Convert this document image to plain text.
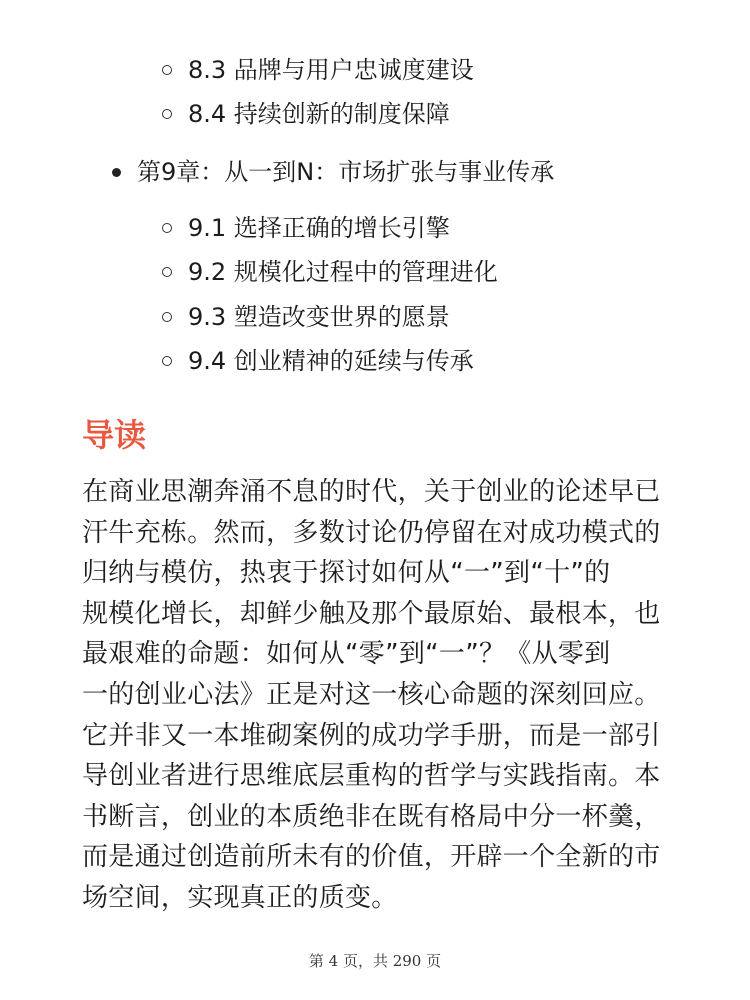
8.3 品牌与用户忠诚度建设
8.4 持续创新的制度保障
第9章：从一到N：市场扩张与事业传承
9.1 选择正确的增长引擎
9.2 规模化过程中的管理进化
9.3 塑造改变世界的愿景
9.4 创业精神的延续与传承
导读
在商业思潮奔涌不息的时代，关于创业的论述早已
汗牛充栋。然而，多数讨论仍停留在对成功模式的
归纳与模仿，热衷于探讨如何从“一”到“十”的
规模化增长，却鲜少触及那个最原始、最根本，也
最艰难的命题：如何从“零”到“一”？《从零到
一的创业心法》正是对这一核心命题的深刻回应。
它并非又一本堆砌案例的成功学手册，而是一部引
导创业者进行思维底层重构的哲学与实践指南。本
书断言，创业的本质绝非在既有格局中分一杯羹，
而是通过创造前所未有的价值，开辟一个全新的市
场空间，实现真正的质变。
第 4 页，共 290 页
